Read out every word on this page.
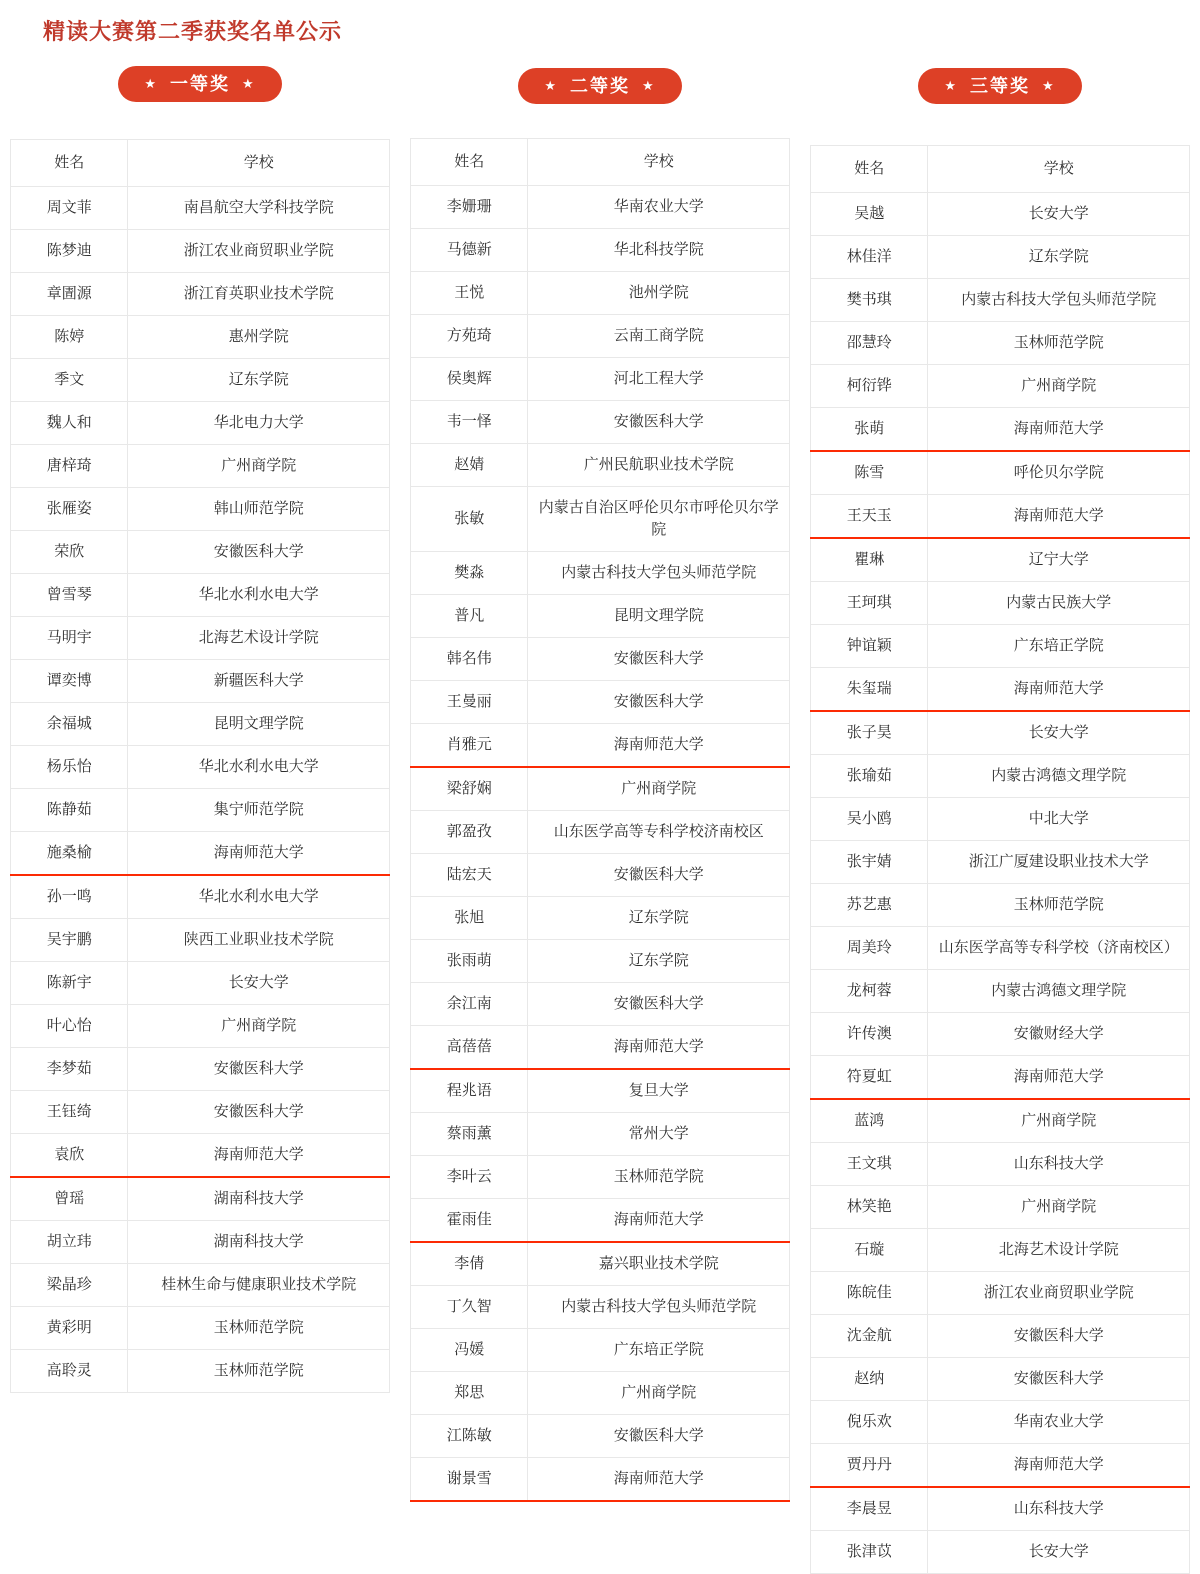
精读大赛第二季获奖名单公示
★ 一等奖 ★
姓名	学校
周文菲	南昌航空大学科技学院
陈梦迪	浙江农业商贸职业学院
章圊源	浙江育英职业技术学院
陈婷	惠州学院
季文	辽东学院
魏人和	华北电力大学
唐梓琦	广州商学院
张雁姿	韩山师范学院
荣欣	安徽医科大学
曾雪琴	华北水利水电大学
马明宇	北海艺术设计学院
谭奕博	新疆医科大学
余福城	昆明文理学院
杨乐怡	华北水利水电大学
陈静茹	集宁师范学院
施桑榆	海南师范大学
孙一鸣	华北水利水电大学
吴宇鹏	陕西工业职业技术学院
陈新宇	长安大学
叶心怡	广州商学院
李梦茹	安徽医科大学
王钰绮	安徽医科大学
袁欣	海南师范大学
曾瑶	湖南科技大学
胡立玮	湖南科技大学
梁晶珍	桂林生命与健康职业技术学院
黄彩明	玉林师范学院
高聆灵	玉林师范学院
★ 二等奖 ★
姓名	学校
李姗珊	华南农业大学
马德新	华北科技学院
王悦	池州学院
方苑琦	云南工商学院
侯奥辉	河北工程大学
韦一怿	安徽医科大学
赵婧	广州民航职业技术学院
张敏	内蒙古自治区呼伦贝尔市呼伦贝尔学院
樊淼	内蒙古科技大学包头师范学院
普凡	昆明文理学院
韩名伟	安徽医科大学
王曼丽	安徽医科大学
肖雅元	海南师范大学
梁舒娴	广州商学院
郭盈孜	山东医学高等专科学校济南校区
陆宏天	安徽医科大学
张旭	辽东学院
张雨萌	辽东学院
余江南	安徽医科大学
高蓓蓓	海南师范大学
程兆语	复旦大学
蔡雨薰	常州大学
李叶云	玉林师范学院
霍雨佳	海南师范大学
李倩	嘉兴职业技术学院
丁久智	内蒙古科技大学包头师范学院
冯媛	广东培正学院
郑思	广州商学院
江陈敏	安徽医科大学
谢景雪	海南师范大学
★ 三等奖 ★
姓名	学校
吴越	长安大学
林佳洋	辽东学院
樊书琪	内蒙古科技大学包头师范学院
邵慧玲	玉林师范学院
柯衍铧	广州商学院
张萌	海南师范大学
陈雪	呼伦贝尔学院
王天玉	海南师范大学
瞿琳	辽宁大学
王珂琪	内蒙古民族大学
钟谊颖	广东培正学院
朱玺瑞	海南师范大学
张子昊	长安大学
张瑜茹	内蒙古鸿德文理学院
吴小鸥	中北大学
张宇婧	浙江广厦建设职业技术大学
苏艺惠	玉林师范学院
周美玲	山东医学高等专科学校（济南校区）
龙柯蓉	内蒙古鸿德文理学院
许传澳	安徽财经大学
符夏虹	海南师范大学
蓝鸿	广州商学院
王文琪	山东科技大学
林笑艳	广州商学院
石璇	北海艺术设计学院
陈皖佳	浙江农业商贸职业学院
沈金航	安徽医科大学
赵纳	安徽医科大学
倪乐欢	华南农业大学
贾丹丹	海南师范大学
李晨昱	山东科技大学
张津苡	长安大学
